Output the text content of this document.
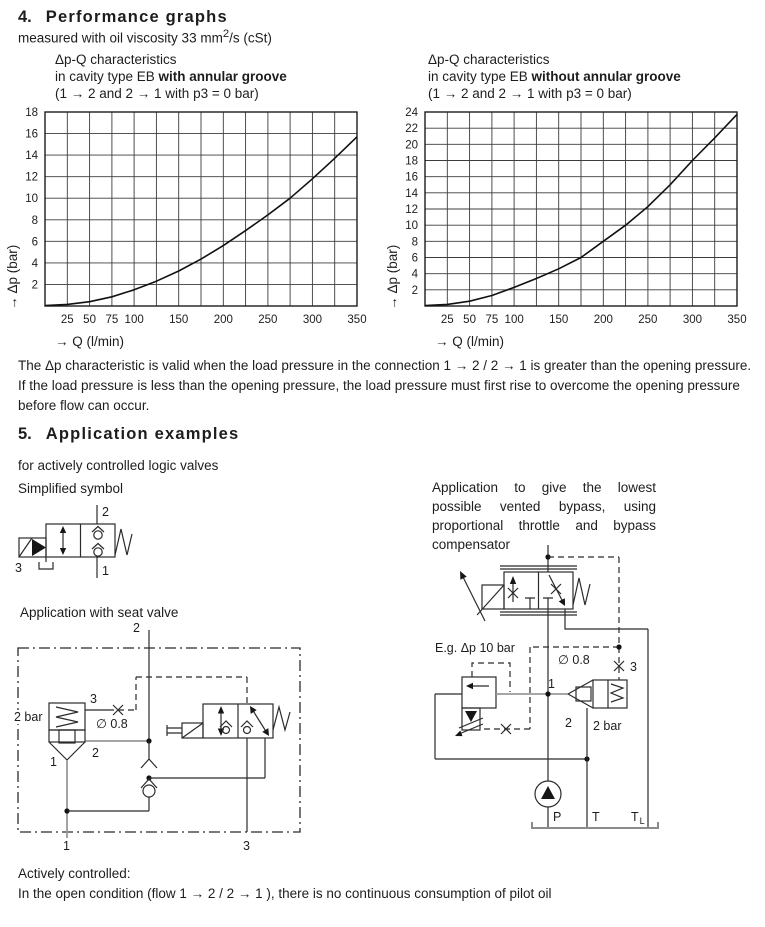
4. Performance graphs
measured with oil viscosity 33 $mm^2/s$ (cSt)
Δp-Q characteristics
in cavity type EB with annular groove
(1 → 2 and 2 → 1 with p3 = 0 bar)
Δp-Q characteristics
in cavity type EB without annular groove
(1 → 2 and 2 → 1 with p3 = 0 bar)
25 50 75 100 150 200 250 300 350
2
4
6
8
10
12
14
16
18
→ Q (l/min)
→ Δp (bar)
25 50 75 100 150 200 250 300 350
2
4
6
8
10
12
14
16
18
20
22
24
→ Q (l/min)
→ Δp (bar)
The Δp characteristic is valid when the load pressure in the connection 1 → 2 / 2 → 1 is greater than the opening pressure. If the load pressure is less than the opening pressure, the load pressure must first rise to overcome the opening pressure before flow can occur.
5. Application examples
for actively controlled logic valves
Simplified symbol	Application to give the lowest possible vented bypass, using proportional throttle and bypass compensator
2
1
3
Application with seat valve
2
3
∅ 0.8
2 bar
2
1
1	3
E.g. Δp 10 bar
∅ 0.8	3
1
2 2 bar
P T	TL
Actively controlled:
In the open condition (flow 1 → 2 / 2 → 1 ), there is no continuous consumption of pilot oil
